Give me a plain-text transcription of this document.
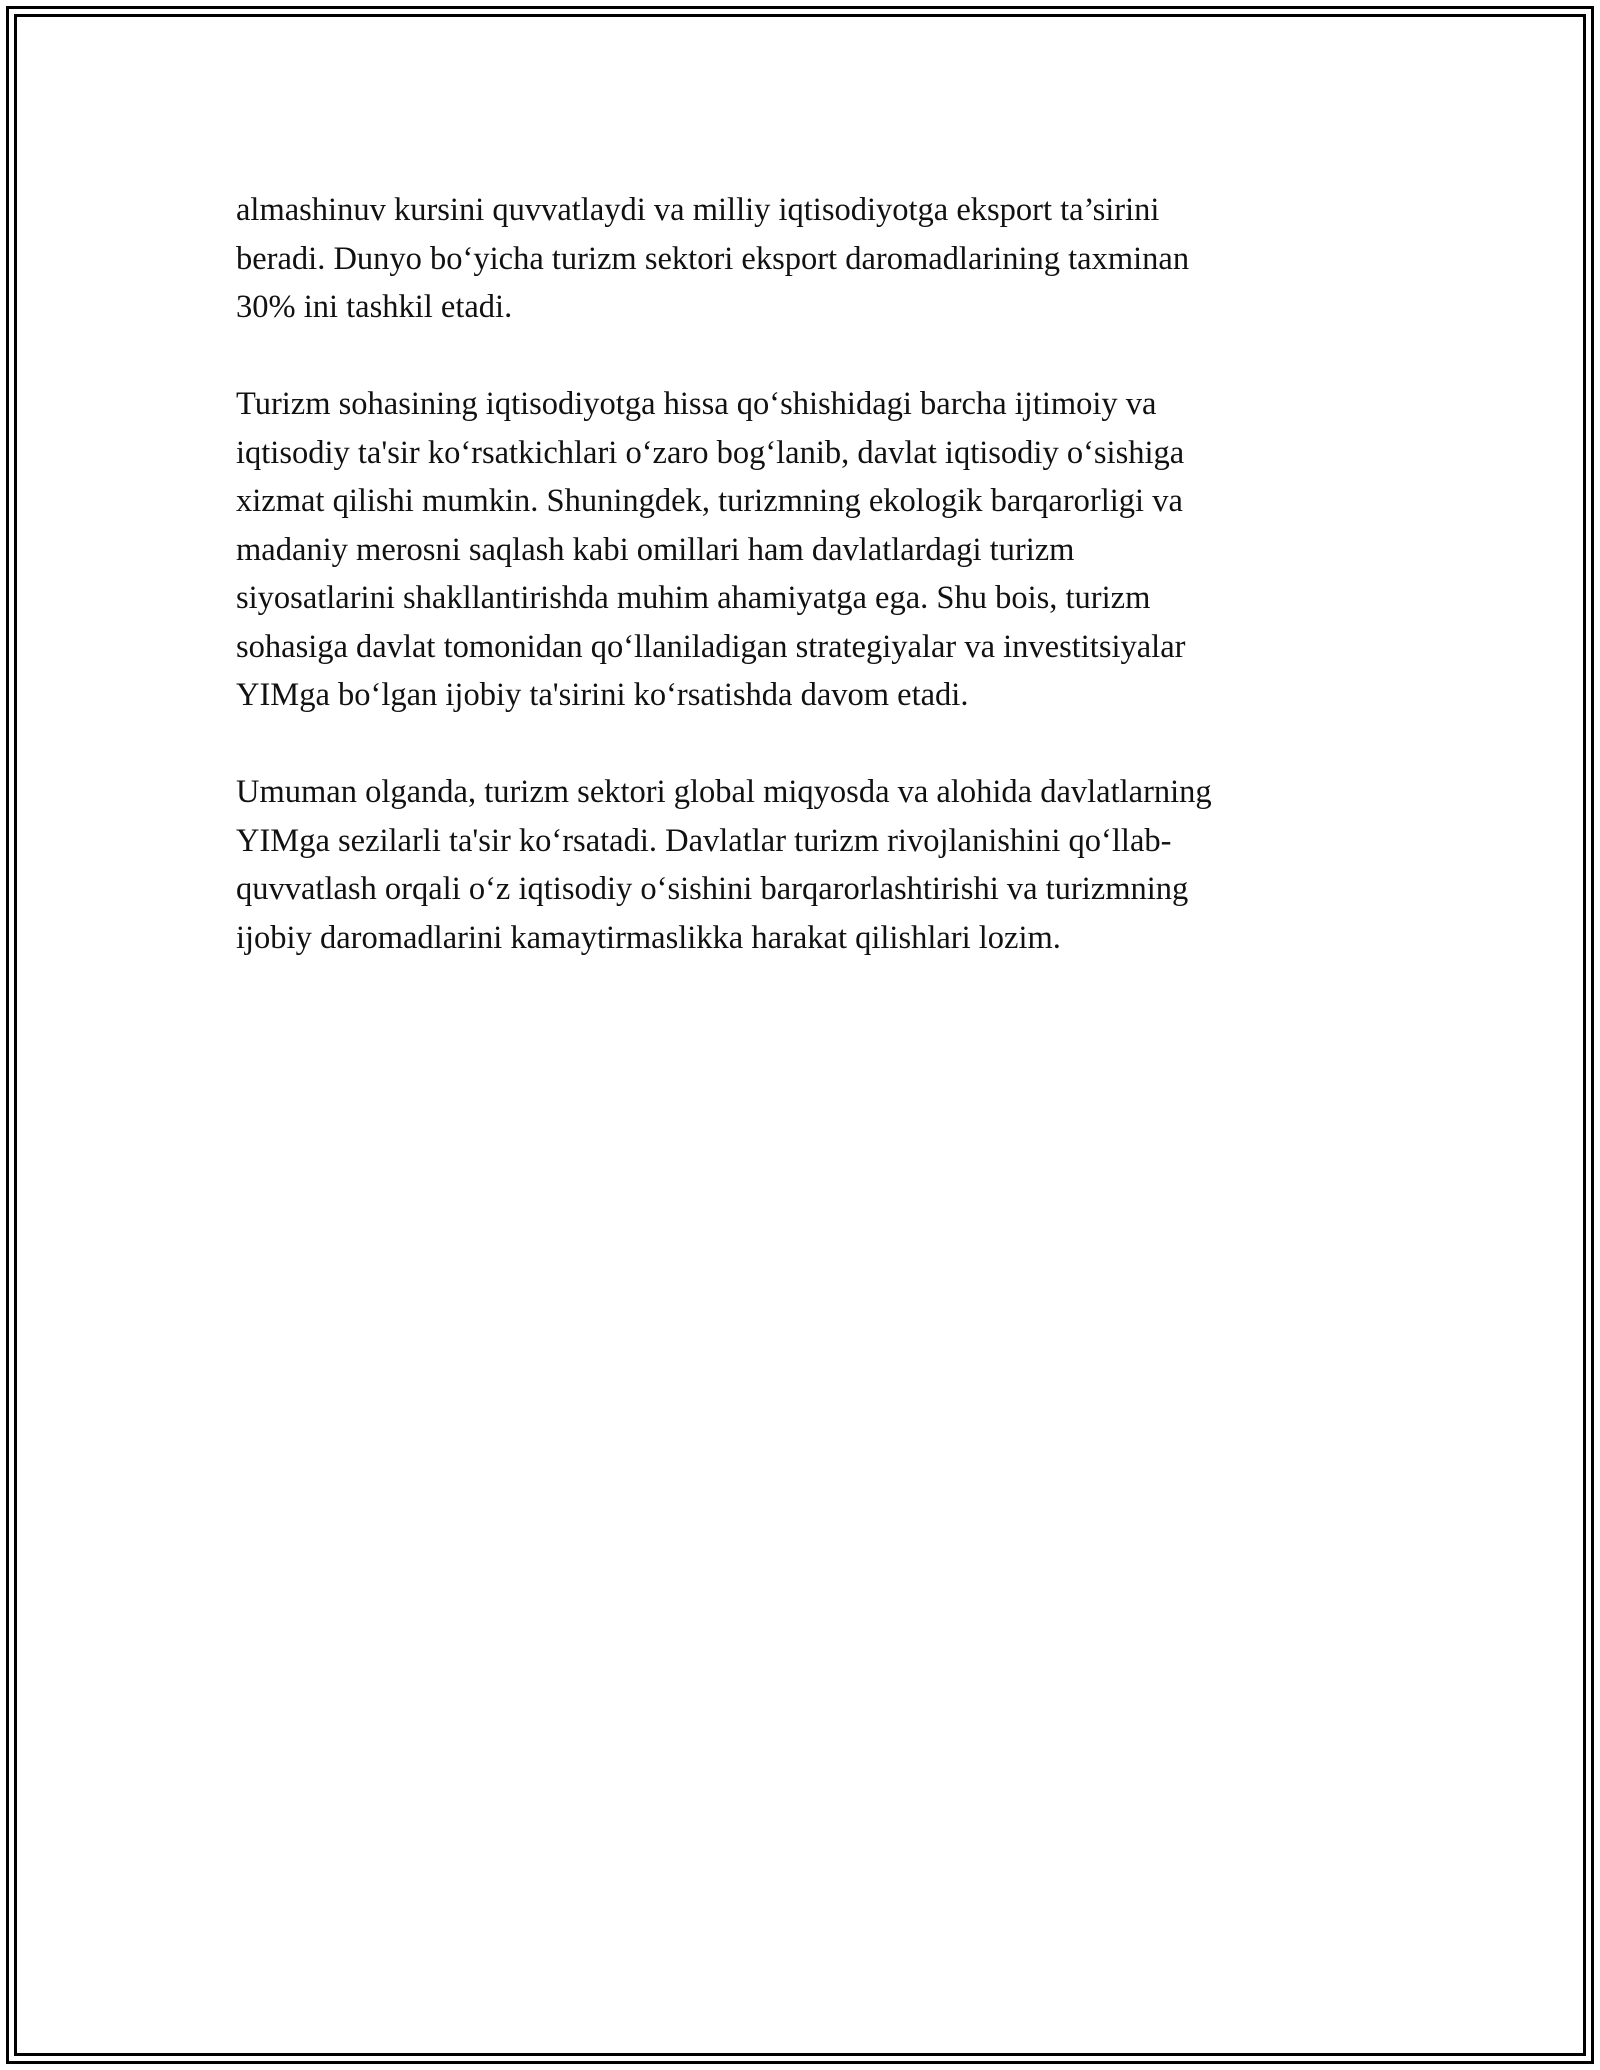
almashinuv kursini quvvatlaydi va milliy iqtisodiyotga eksport ta’sirini
beradi. Dunyo bo‘yicha turizm sektori eksport daromadlarining taxminan
30% ini tashkil etadi.

Turizm sohasining iqtisodiyotga hissa qo‘shishidagi barcha ijtimoiy va
iqtisodiy ta'sir ko‘rsatkichlari o‘zaro bog‘lanib, davlat iqtisodiy o‘sishiga
xizmat qilishi mumkin. Shuningdek, turizmning ekologik barqarorligi va
madaniy merosni saqlash kabi omillari ham davlatlardagi turizm
siyosatlarini shakllantirishda muhim ahamiyatga ega. Shu bois, turizm
sohasiga davlat tomonidan qo‘llaniladigan strategiyalar va investitsiyalar
YIMga bo‘lgan ijobiy ta'sirini ko‘rsatishda davom etadi.

Umuman olganda, turizm sektori global miqyosda va alohida davlatlarning
YIMga sezilarli ta'sir ko‘rsatadi. Davlatlar turizm rivojlanishini qo‘llab-
quvvatlash orqali o‘z iqtisodiy o‘sishini barqarorlashtirishi va turizmning
ijobiy daromadlarini kamaytirmaslikka harakat qilishlari lozim.
